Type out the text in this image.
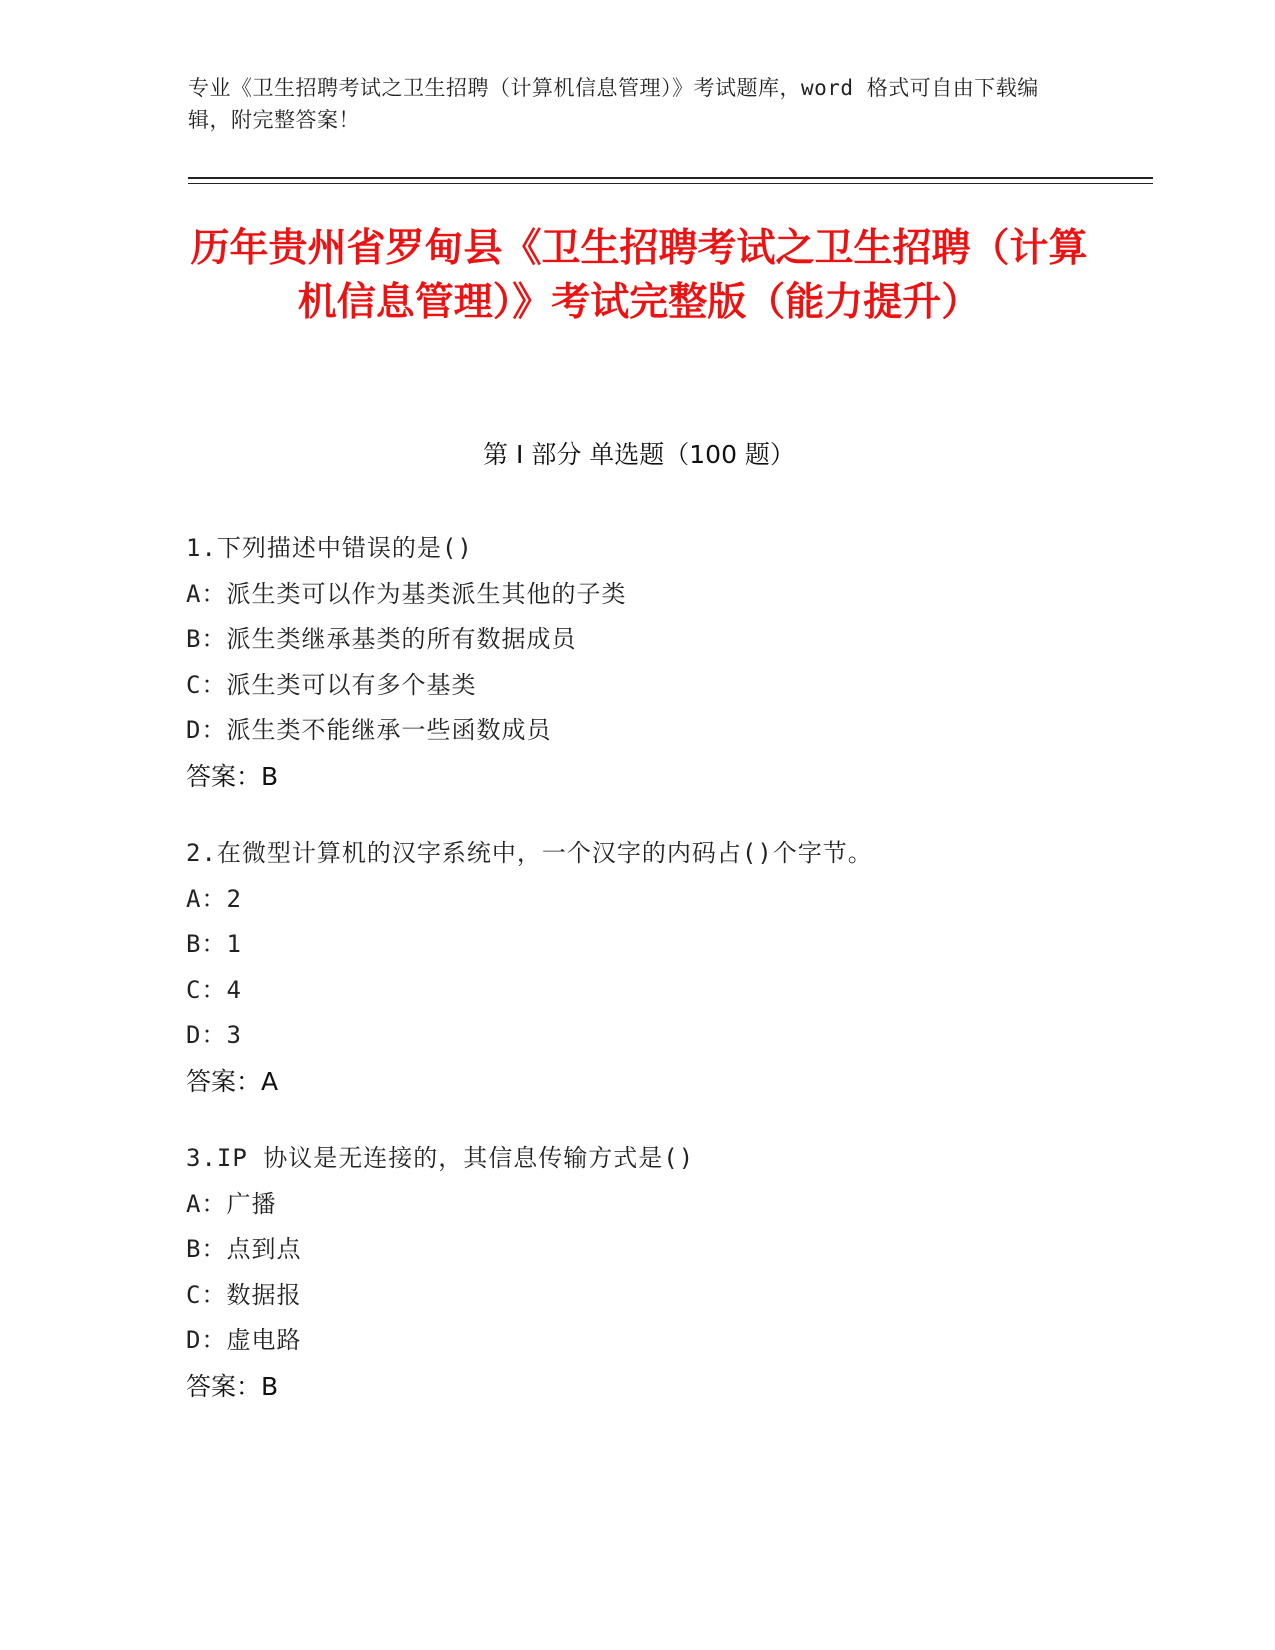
专业《卫生招聘考试之卫生招聘（计算机信息管理）》考试题库，word 格式可自由下载编辑，附完整答案！
历年贵州省罗甸县《卫生招聘考试之卫生招聘（计算机信息管理）》考试完整版（能力提升）
第 I 部分 单选题（100 题）
1.下列描述中错误的是()
A：派生类可以作为基类派生其他的子类
B：派生类继承基类的所有数据成员
C：派生类可以有多个基类
D：派生类不能继承一些函数成员
答案：B
2.在微型计算机的汉字系统中，一个汉字的内码占()个字节。
A：2
B：1
C：4
D：3
答案：A
3.IP 协议是无连接的，其信息传输方式是()
A：广播
B：点到点
C：数据报
D：虚电路
答案：B
